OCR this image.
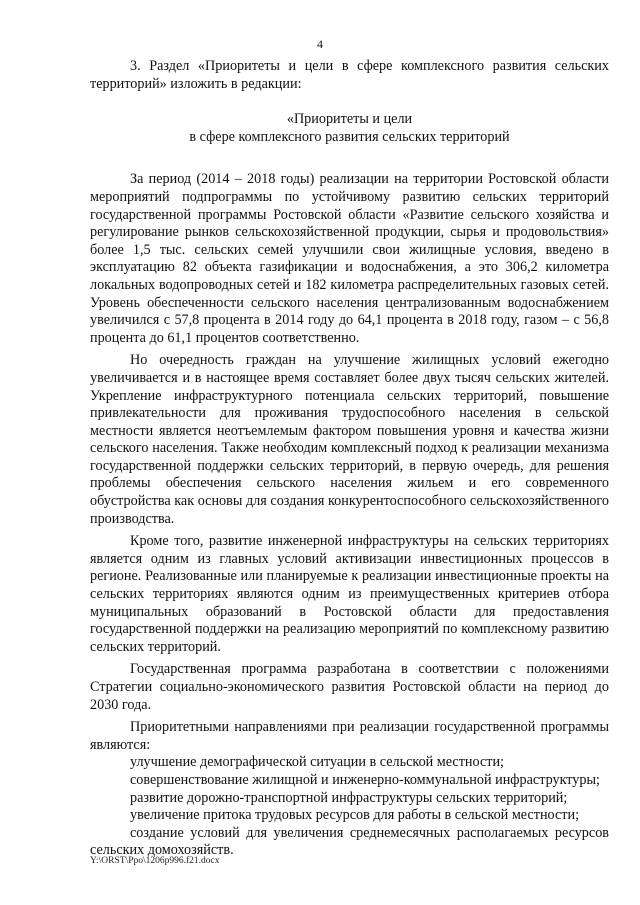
4

3. Раздел «Приоритеты и цели в сфере комплексного развития сельских территорий» изложить в редакции:

«Приоритеты и цели
в сфере комплексного развития сельских территорий

За период (2014 – 2018 годы) реализации на территории Ростовской области мероприятий подпрограммы по устойчивому развитию сельских территорий государственной программы Ростовской области «Развитие сельского хозяйства и регулирование рынков сельскохозяйственной продукции, сырья и продовольствия» более 1,5 тыс. сельских семей улучшили свои жилищные условия, введено в эксплуатацию 82 объекта газификации и водоснабжения, а это 306,2 километра локальных водопроводных сетей и 182 километра распределительных газовых сетей. Уровень обеспеченности сельского населения централизованным водоснабжением увеличился с 57,8 процента в 2014 году до 64,1 процента в 2018 году, газом – с 56,8 процента до 61,1 процентов соответственно.

Но очередность граждан на улучшение жилищных условий ежегодно увеличивается и в настоящее время составляет более двух тысяч сельских жителей. Укрепление инфраструктурного потенциала сельских территорий, повышение привлекательности для проживания трудоспособного населения в сельской местности является неотъемлемым фактором повышения уровня и качества жизни сельского населения. Также необходим комплексный подход к реализации механизма государственной поддержки сельских территорий, в первую очередь, для решения проблемы обеспечения сельского населения жильем и его современного обустройства как основы для создания конкурентоспособного сельскохозяйственного производства.

Кроме того, развитие инженерной инфраструктуры на сельских территориях является одним из главных условий активизации инвестиционных процессов в регионе. Реализованные или планируемые к реализации инвестиционные проекты на сельских территориях являются одним из преимущественных критериев отбора муниципальных образований в Ростовской области для предоставления государственной поддержки на реализацию мероприятий по комплексному развитию сельских территорий.

Государственная программа разработана в соответствии с положениями Стратегии социально-экономического развития Ростовской области на период до 2030 года.

Приоритетными направлениями при реализации государственной программы являются:

улучшение демографической ситуации в сельской местности;

совершенствование жилищной и инженерно-коммунальной инфраструктуры;

развитие дорожно-транспортной инфраструктуры сельских территорий;

увеличение притока трудовых ресурсов для работы в сельской местности;

создание условий для увеличения среднемесячных располагаемых ресурсов сельских домохозяйств.

Y:\ORST\Ppo\1206p996.f21.docx
